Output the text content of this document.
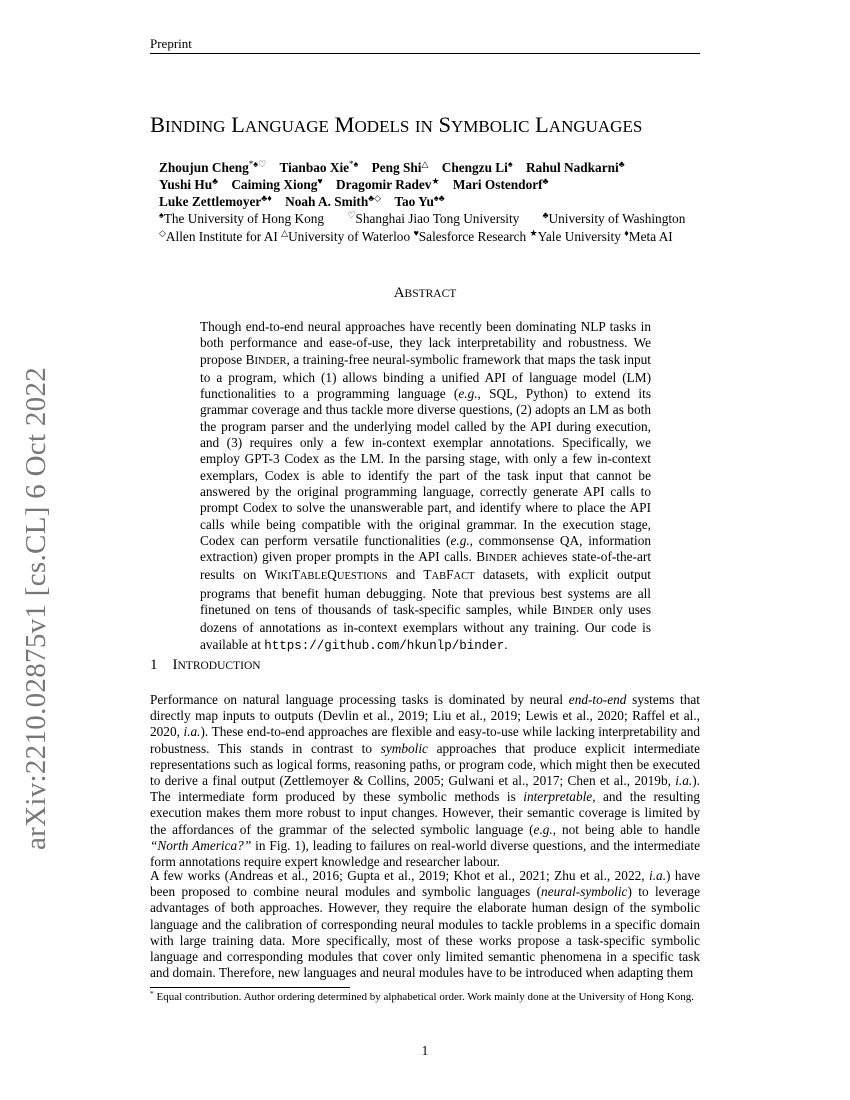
Preprint
arXiv:2210.02875v1 [cs.CL] 6 Oct 2022
BINDING LANGUAGE MODELS IN SYMBOLIC LANGUAGES
Zhoujun Cheng*♠♡ Tianbao Xie*♠ Peng Shi△ Chengzu Li♠ Rahul Nadkarni♣
Yushi Hu♣ Caiming Xiong♥ Dragomir Radev★ Mari Ostendorf♣
Luke Zettlemoyer♣♦ Noah A. Smith♣◇ Tao Yu♠♣
♠The University of Hong Kong	♡Shanghai Jiao Tong University	♣University of Washington
◇Allen Institute for AI △University of Waterloo ♥Salesforce Research ★Yale University ♦Meta AI
ABSTRACT
Though end-to-end neural approaches have recently been dominating NLP tasks in both performance and ease-of-use, they lack interpretability and robustness. We propose BINDER, a training-free neural-symbolic framework that maps the task input to a program, which (1) allows binding a unified API of language model (LM) functionalities to a programming language (e.g., SQL, Python) to extend its grammar coverage and thus tackle more diverse questions, (2) adopts an LM as both the program parser and the underlying model called by the API during execution, and (3) requires only a few in-context exemplar annotations. Specifically, we employ GPT-3 Codex as the LM. In the parsing stage, with only a few in-context exemplars, Codex is able to identify the part of the task input that cannot be answered by the original programming language, correctly generate API calls to prompt Codex to solve the unanswerable part, and identify where to place the API calls while being compatible with the original grammar. In the execution stage, Codex can perform versatile functionalities (e.g., commonsense QA, information extraction) given proper prompts in the API calls. BINDER achieves state-of-the-art results on WIKITABLEQUESTIONS and TABFACT datasets, with explicit output programs that benefit human debugging. Note that previous best systems are all finetuned on tens of thousands of task-specific samples, while BINDER only uses dozens of annotations as in-context exemplars without any training. Our code is available at https://github.com/hkunlp/binder.
1 INTRODUCTION
Performance on natural language processing tasks is dominated by neural end-to-end systems that directly map inputs to outputs (Devlin et al., 2019; Liu et al., 2019; Lewis et al., 2020; Raffel et al., 2020, i.a.). These end-to-end approaches are flexible and easy-to-use while lacking interpretability and robustness. This stands in contrast to symbolic approaches that produce explicit intermediate representations such as logical forms, reasoning paths, or program code, which might then be executed to derive a final output (Zettlemoyer & Collins, 2005; Gulwani et al., 2017; Chen et al., 2019b, i.a.). The intermediate form produced by these symbolic methods is interpretable, and the resulting execution makes them more robust to input changes. However, their semantic coverage is limited by the affordances of the grammar of the selected symbolic language (e.g., not being able to handle “North America?” in Fig. 1), leading to failures on real-world diverse questions, and the intermediate form annotations require expert knowledge and researcher labour.
A few works (Andreas et al., 2016; Gupta et al., 2019; Khot et al., 2021; Zhu et al., 2022, i.a.) have been proposed to combine neural modules and symbolic languages (neural-symbolic) to leverage advantages of both approaches. However, they require the elaborate human design of the symbolic language and the calibration of corresponding neural modules to tackle problems in a specific domain with large training data. More specifically, most of these works propose a task-specific symbolic language and corresponding modules that cover only limited semantic phenomena in a specific task and domain. Therefore, new languages and neural modules have to be introduced when adapting them
* Equal contribution. Author ordering determined by alphabetical order. Work mainly done at the University of Hong Kong.
1
